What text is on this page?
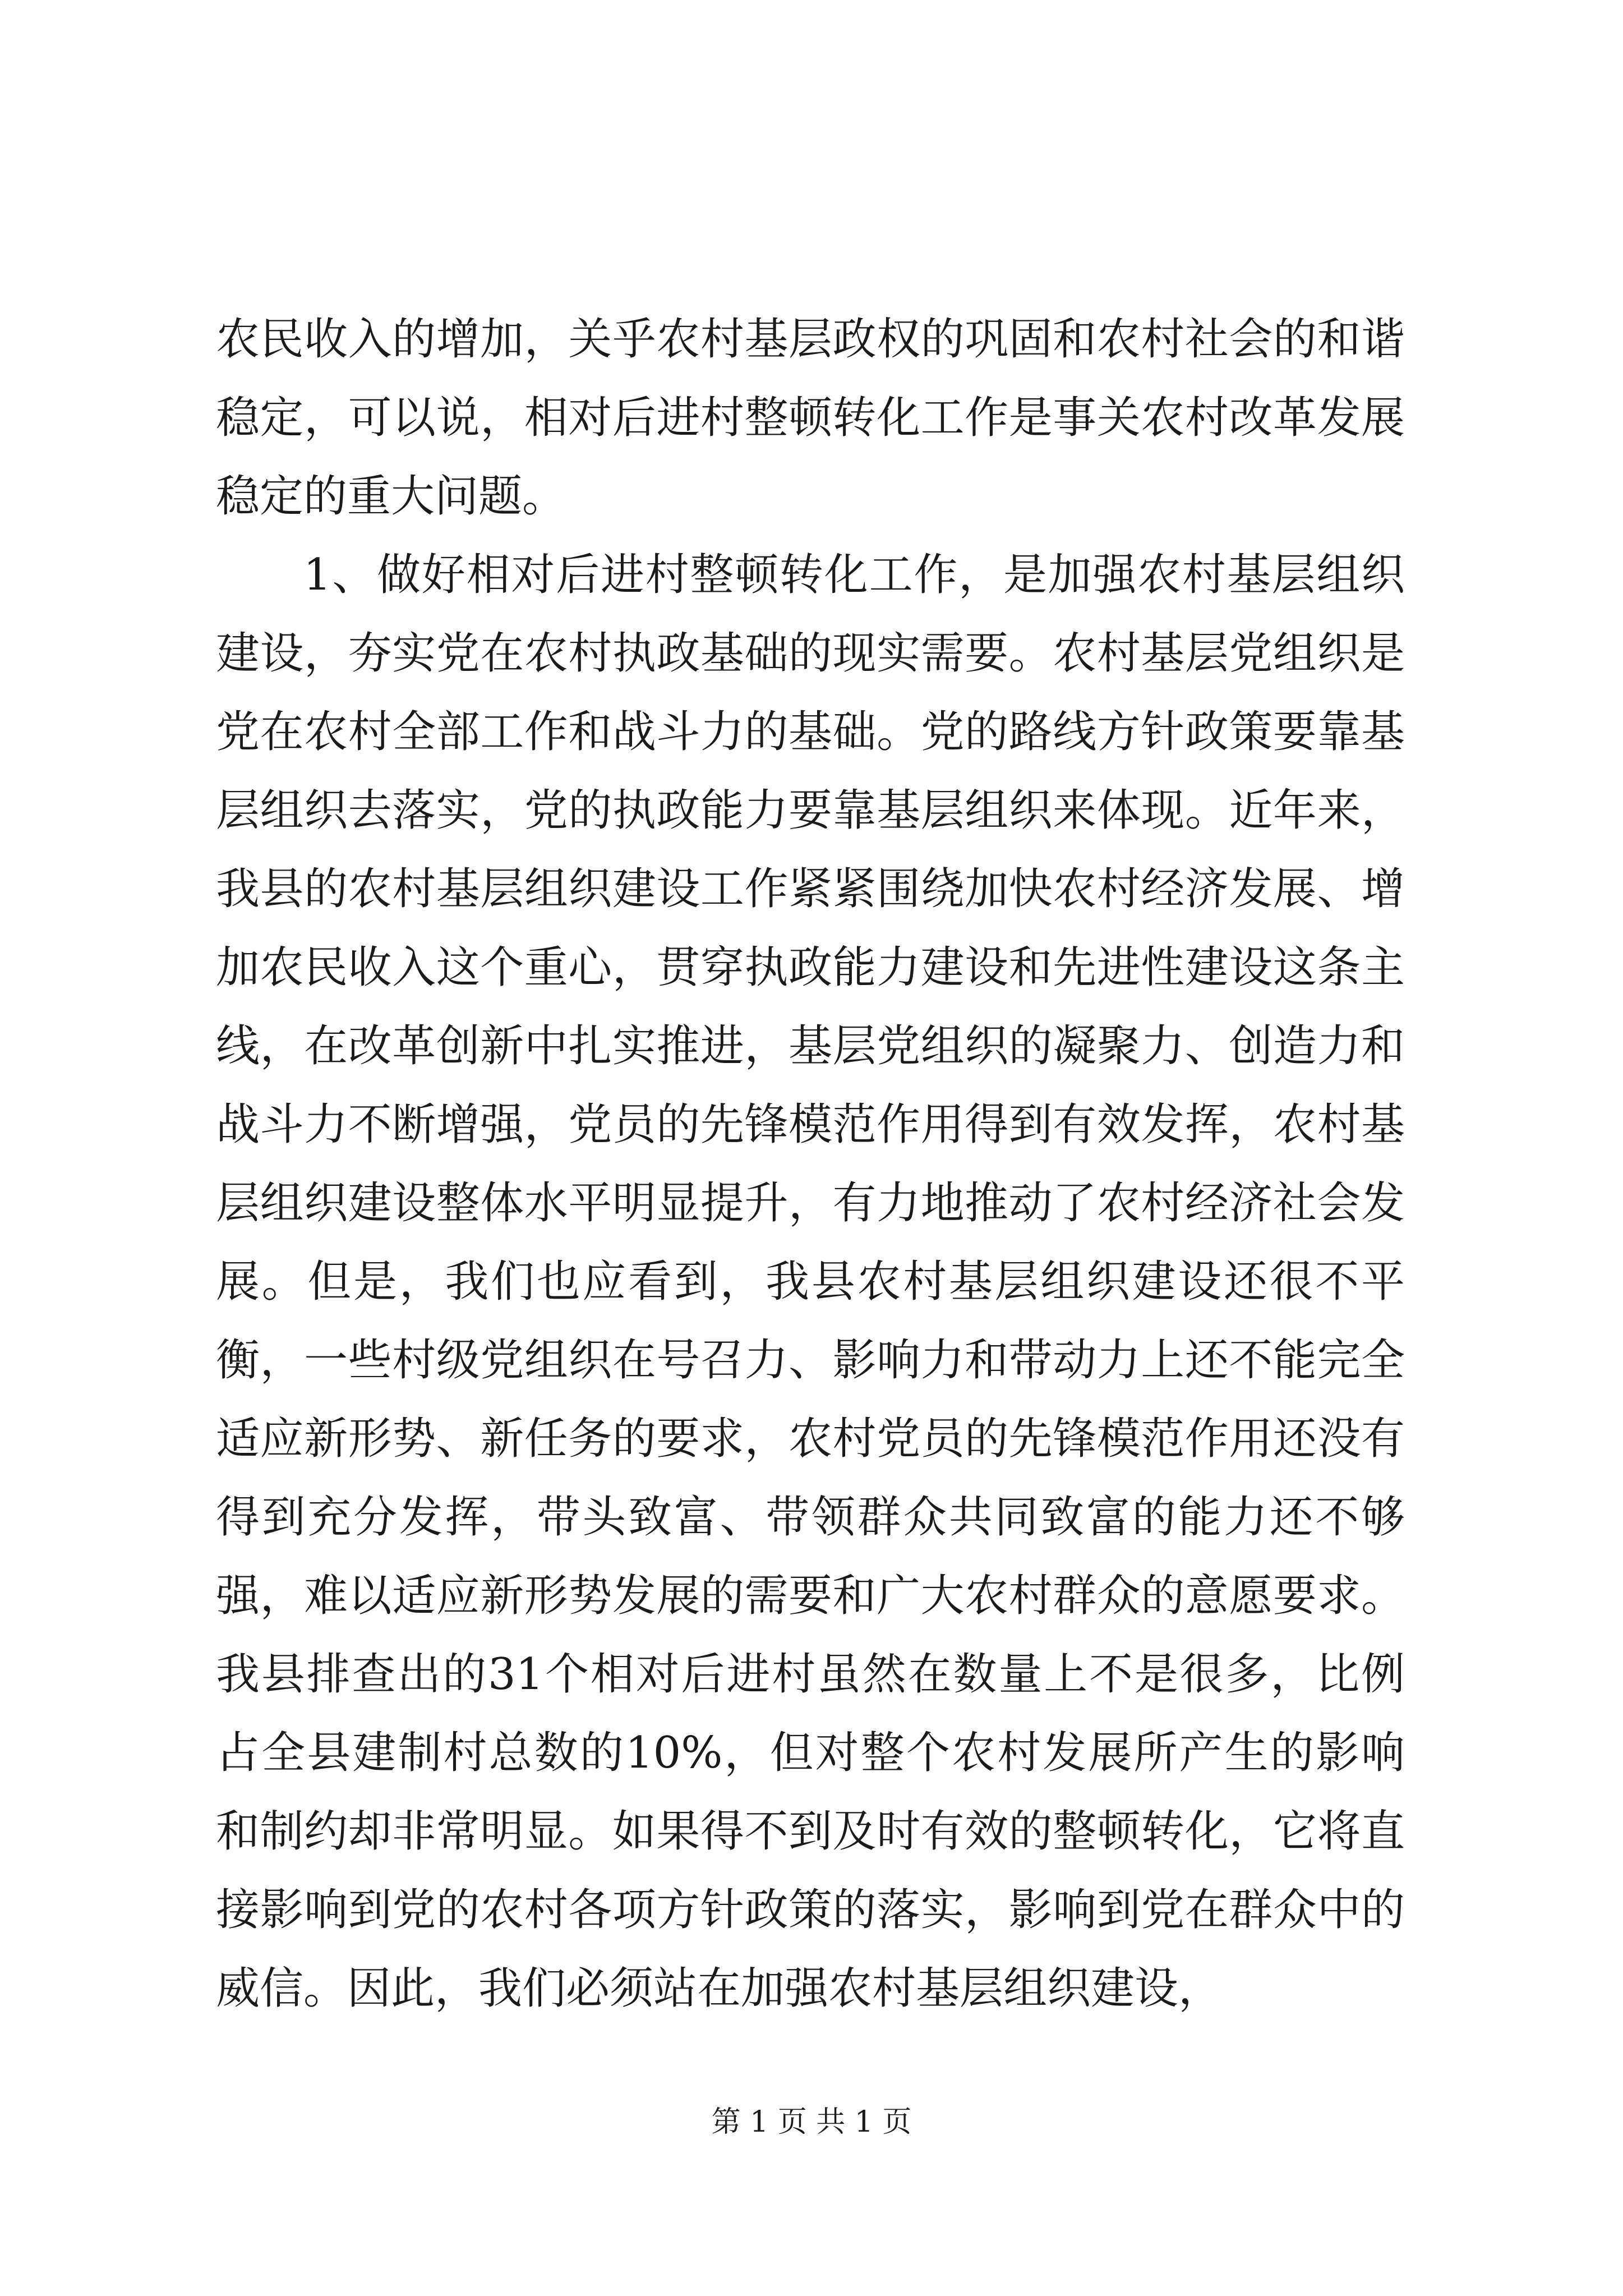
农民收入的增加，关乎农村基层政权的巩固和农村社会的和谐稳定，可以说，相对后进村整顿转化工作是事关农村改革发展稳定的重大问题。

1、做好相对后进村整顿转化工作，是加强农村基层组织建设，夯实党在农村执政基础的现实需要。农村基层党组织是党在农村全部工作和战斗力的基础。党的路线方针政策要靠基层组织去落实，党的执政能力要靠基层组织来体现。近年来，我县的农村基层组织建设工作紧紧围绕加快农村经济发展、增加农民收入这个重心，贯穿执政能力建设和先进性建设这条主线，在改革创新中扎实推进，基层党组织的凝聚力、创造力和战斗力不断增强，党员的先锋模范作用得到有效发挥，农村基层组织建设整体水平明显提升，有力地推动了农村经济社会发展。但是，我们也应看到，我县农村基层组织建设还很不平衡，一些村级党组织在号召力、影响力和带动力上还不能完全适应新形势、新任务的要求，农村党员的先锋模范作用还没有得到充分发挥，带头致富、带领群众共同致富的能力还不够强，难以适应新形势发展的需要和广大农村群众的意愿要求。我县排查出的31个相对后进村虽然在数量上不是很多，比例占全县建制村总数的10%，但对整个农村发展所产生的影响和制约却非常明显。如果得不到及时有效的整顿转化，它将直接影响到党的农村各项方针政策的落实，影响到党在群众中的威信。因此，我们必须站在加强农村基层组织建设，

第 1 页 共 1 页
